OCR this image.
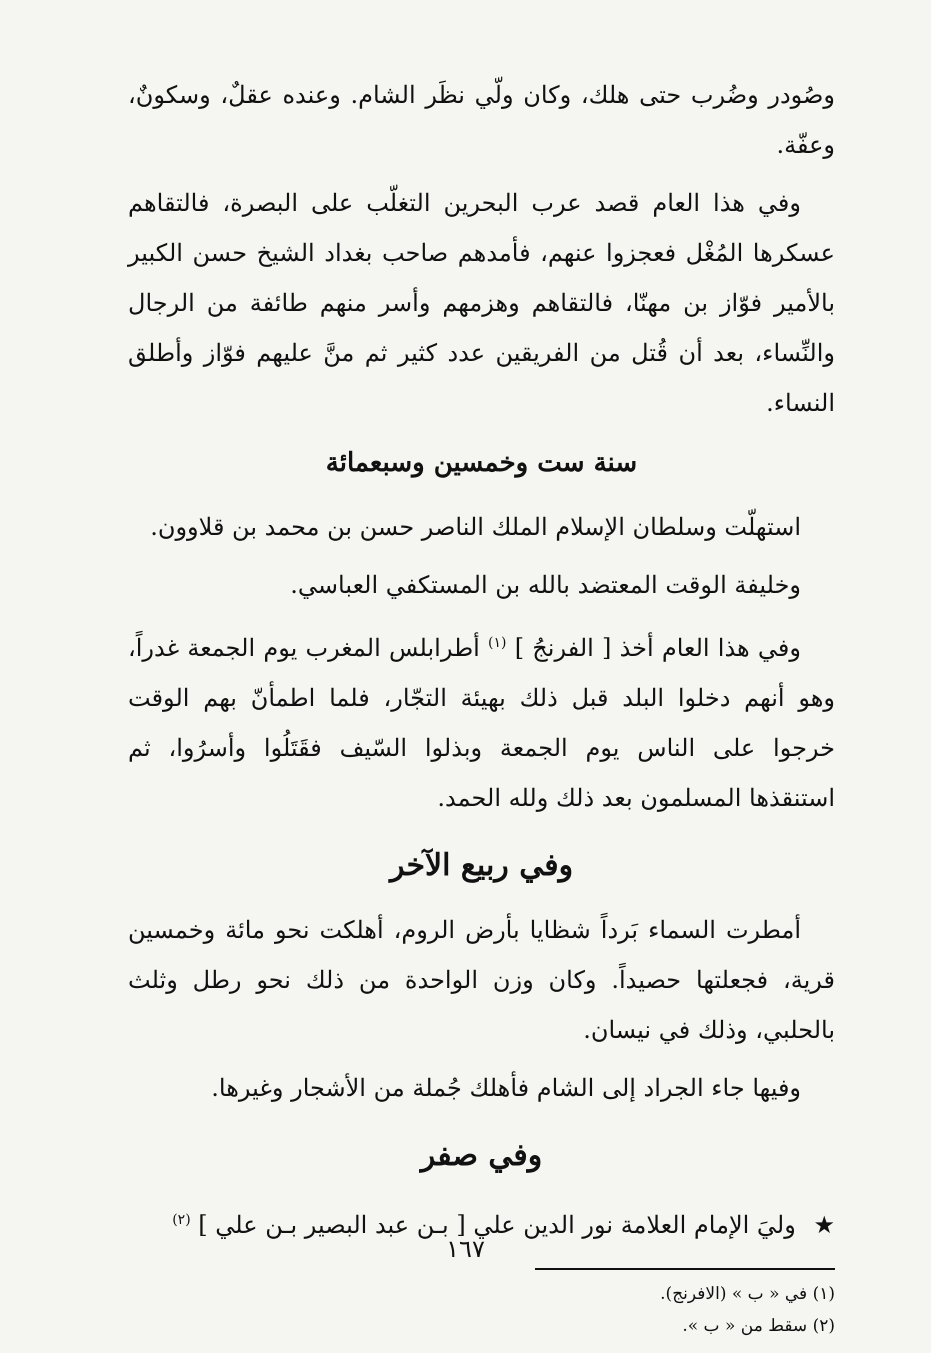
وصُودر وضُرب حتى هلك، وكان ولّي نظَر الشام. وعنده عقلٌ، وسكونٌ، وعفّة.

وفي هذا العام قصد عرب البحرين التغلّب على البصرة، فالتقاهم عسكرها المُغْل فعجزوا عنهم، فأمدهم صاحب بغداد الشيخ حسن الكبير بالأمير فوّاز بن مهنّا، فالتقاهم وهزمهم وأسر منهم طائفة من الرجال والنِّساء، بعد أن قُتل من الفريقين عدد كثير ثم منَّ عليهم فوّاز وأطلق النساء.

سنة ست وخمسين وسبعمائة

استهلّت وسلطان الإسلام الملك الناصر حسن بن محمد بن قلاوون.

وخليفة الوقت المعتضد بالله بن المستكفي العباسي.

وفي هذا العام أخذ [ الفرنجُ ] $^{(١)}$ أطرابلس المغرب يوم الجمعة غدراً، وهو أنهم دخلوا البلد قبل ذلك بهيئة التجّار، فلما اطمأنّ بهم الوقت خرجوا على الناس يوم الجمعة وبذلوا السّيف فقَتَلُوا وأسرُوا، ثم استنقذها المسلمون بعد ذلك ولله الحمد.

وفي ربيع الآخر

أمطرت السماء بَرداً شظايا بأرض الروم، أهلكت نحو مائة وخمسين قرية، فجعلتها حصيداً. وكان وزن الواحدة من ذلك نحو رطل وثلث بالحلبي، وذلك في نيسان.

وفيها جاء الجراد إلى الشام فأهلك جُملة من الأشجار وغيرها.

وفي صفر

★ وليَ الإمام العلامة نور الدين علي [ بـن عبد البصير بـن علي ] $^{(٢)}$

(١) في « ب » (الافرنج).
(٢) سقط من « ب ».
١٦٧
